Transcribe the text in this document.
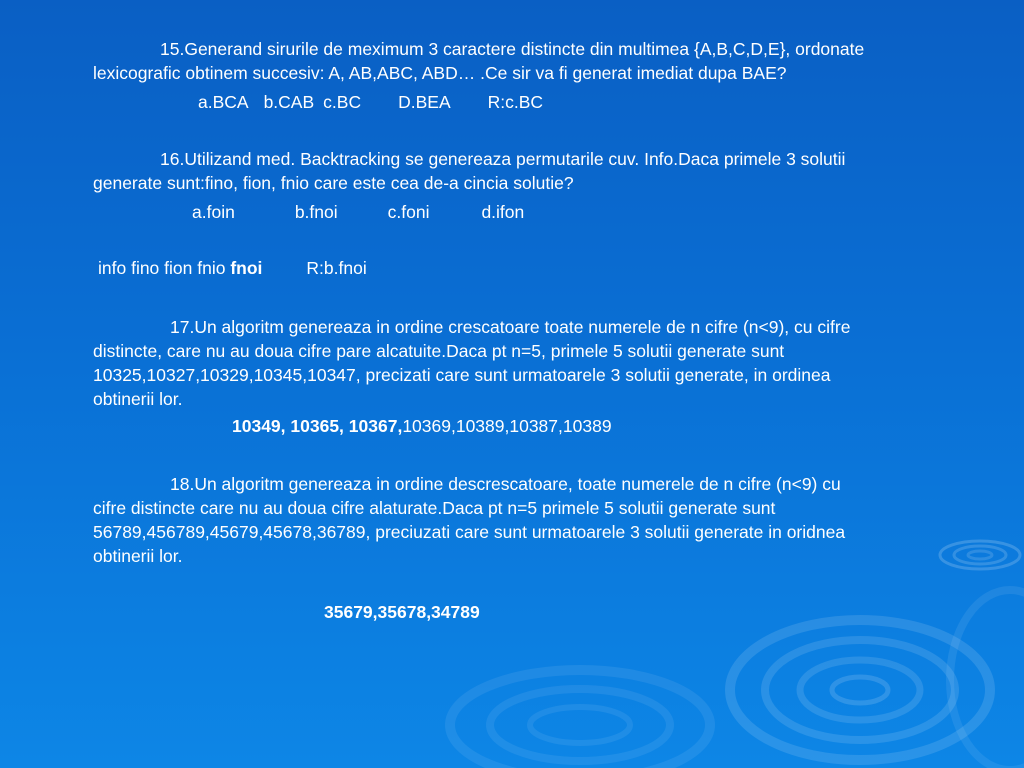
15.Generand sirurile de meximum 3 caractere distincte din multimea {A,B,C,D,E}, ordonate
lexicografic obtinem succesiv: A, AB,ABC, ABD… .Ce sir va fi generat imediat dupa BAE?
a.BCA b.CAB c.BC D.BEA R:c.BC
16.Utilizand med. Backtracking se genereaza permutarile cuv. Info.Daca primele 3 solutii
generate sunt:fino, fion, fnio care este cea de-a cincia solutie?
a.foin	b.fnoi	c.foni	d.ifon
info fino fion fnio fnoi	R:b.fnoi
17.Un algoritm genereaza in ordine crescatoare toate numerele de n cifre (n<9), cu cifre
distincte, care nu au doua cifre pare alcatuite.Daca pt n=5, primele 5 solutii generate sunt
10325,10327,10329,10345,10347, precizati care sunt urmatoarele 3 solutii generate, in ordinea
obtinerii lor.
10349, 10365, 10367,10369,10389,10387,10389
18.Un algoritm genereaza in ordine descrescatoare, toate numerele de n cifre (n<9) cu
cifre distincte care nu au doua cifre alaturate.Daca pt n=5 primele 5 solutii generate sunt
56789,456789,45679,45678,36789, preciuzati care sunt urmatoarele 3 solutii generate in oridnea
obtinerii lor.
35679,35678,34789
